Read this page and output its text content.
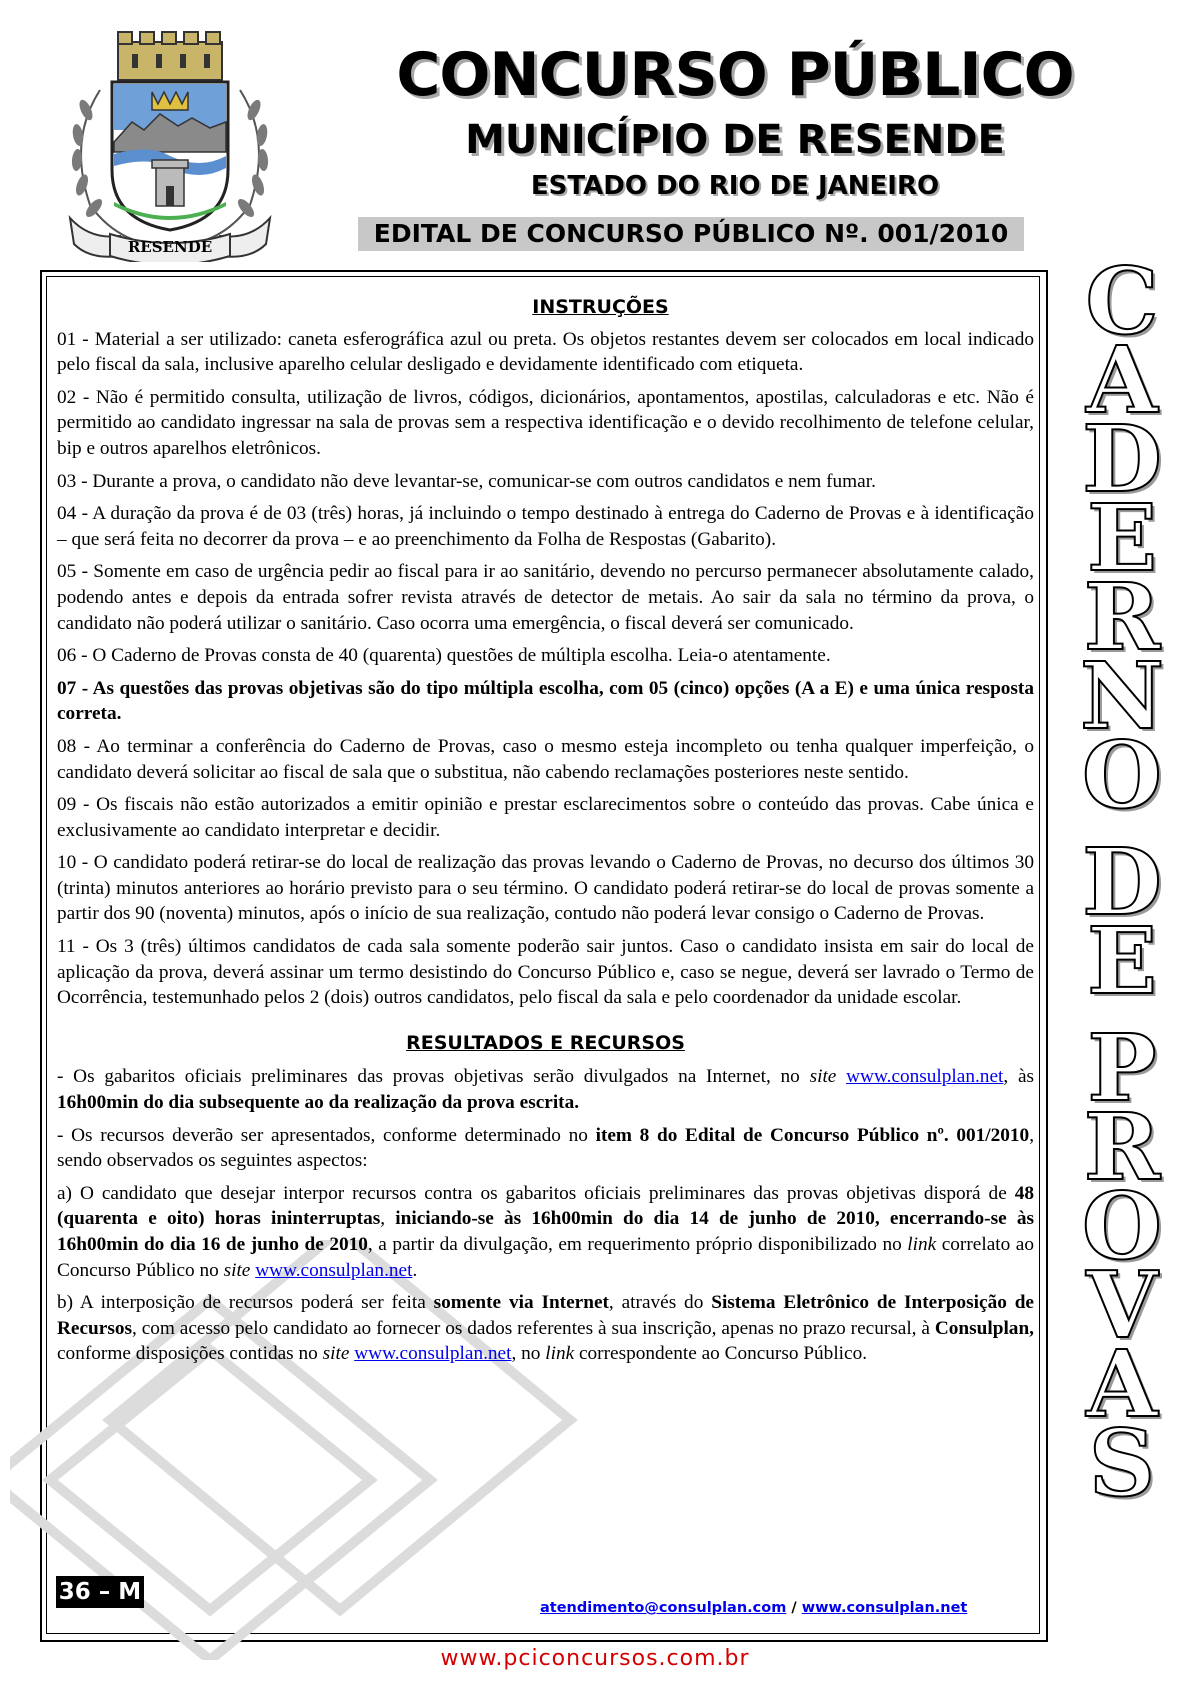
RESENDE
CONCURSO PÚBLICO
MUNICÍPIO DE RESENDE
ESTADO DO RIO DE JANEIRO
EDITAL DE CONCURSO PÚBLICO Nº. 001/2010
C
A
D
E
R
N
O
D
E
P
R
O
V
A
S
INSTRUÇÕES

01 - Material a ser utilizado: caneta esferográfica azul ou preta. Os objetos restantes devem ser colocados em local indicado pelo fiscal da sala, inclusive aparelho celular desligado e devidamente identificado com etiqueta.

02 - Não é permitido consulta, utilização de livros, códigos, dicionários, apontamentos, apostilas, calculadoras e etc. Não é permitido ao candidato ingressar na sala de provas sem a respectiva identificação e o devido recolhimento de telefone celular, bip e outros aparelhos eletrônicos.

03 - Durante a prova, o candidato não deve levantar-se, comunicar-se com outros candidatos e nem fumar.

04 - A duração da prova é de 03 (três) horas, já incluindo o tempo destinado à entrega do Caderno de Provas e à identificação – que será feita no decorrer da prova – e ao preenchimento da Folha de Respostas (Gabarito).

05 - Somente em caso de urgência pedir ao fiscal para ir ao sanitário, devendo no percurso permanecer absolutamente calado, podendo antes e depois da entrada sofrer revista através de detector de metais. Ao sair da sala no término da prova, o candidato não poderá utilizar o sanitário. Caso ocorra uma emergência, o fiscal deverá ser comunicado.

06 - O Caderno de Provas consta de 40 (quarenta) questões de múltipla escolha. Leia-o atentamente.

07 - As questões das provas objetivas são do tipo múltipla escolha, com 05 (cinco) opções (A a E) e uma única resposta correta.

08 - Ao terminar a conferência do Caderno de Provas, caso o mesmo esteja incompleto ou tenha qualquer imperfeição, o candidato deverá solicitar ao fiscal de sala que o substitua, não cabendo reclamações posteriores neste sentido.

09 - Os fiscais não estão autorizados a emitir opinião e prestar esclarecimentos sobre o conteúdo das provas. Cabe única e exclusivamente ao candidato interpretar e decidir.

10 - O candidato poderá retirar-se do local de realização das provas levando o Caderno de Provas, no decurso dos últimos 30 (trinta) minutos anteriores ao horário previsto para o seu término. O candidato poderá retirar-se do local de provas somente a partir dos 90 (noventa) minutos, após o início de sua realização, contudo não poderá levar consigo o Caderno de Provas.

11 - Os 3 (três) últimos candidatos de cada sala somente poderão sair juntos. Caso o candidato insista em sair do local de aplicação da prova, deverá assinar um termo desistindo do Concurso Público e, caso se negue, deverá ser lavrado o Termo de Ocorrência, testemunhado pelos 2 (dois) outros candidatos, pelo fiscal da sala e pelo coordenador da unidade escolar.

RESULTADOS E RECURSOS

- Os gabaritos oficiais preliminares das provas objetivas serão divulgados na Internet, no site www.consulplan.net, às 16h00min do dia subsequente ao da realização da prova escrita.

- Os recursos deverão ser apresentados, conforme determinado no item 8 do Edital de Concurso Público nº. 001/2010, sendo observados os seguintes aspectos:

a) O candidato que desejar interpor recursos contra os gabaritos oficiais preliminares das provas objetivas disporá de 48 (quarenta e oito) horas ininterruptas, iniciando-se às 16h00min do dia 14 de junho de 2010, encerrando-se às 16h00min do dia 16 de junho de 2010, a partir da divulgação, em requerimento próprio disponibilizado no link correlato ao Concurso Público no site www.consulplan.net.

b) A interposição de recursos poderá ser feita somente via Internet, através do Sistema Eletrônico de Interposição de Recursos, com acesso pelo candidato ao fornecer os dados referentes à sua inscrição, apenas no prazo recursal, à Consulplan, conforme disposições contidas no site www.consulplan.net, no link correspondente ao Concurso Público.

36 – M
atendimento@consulplan.com / www.consulplan.net
www.pciconcursos.com.br
